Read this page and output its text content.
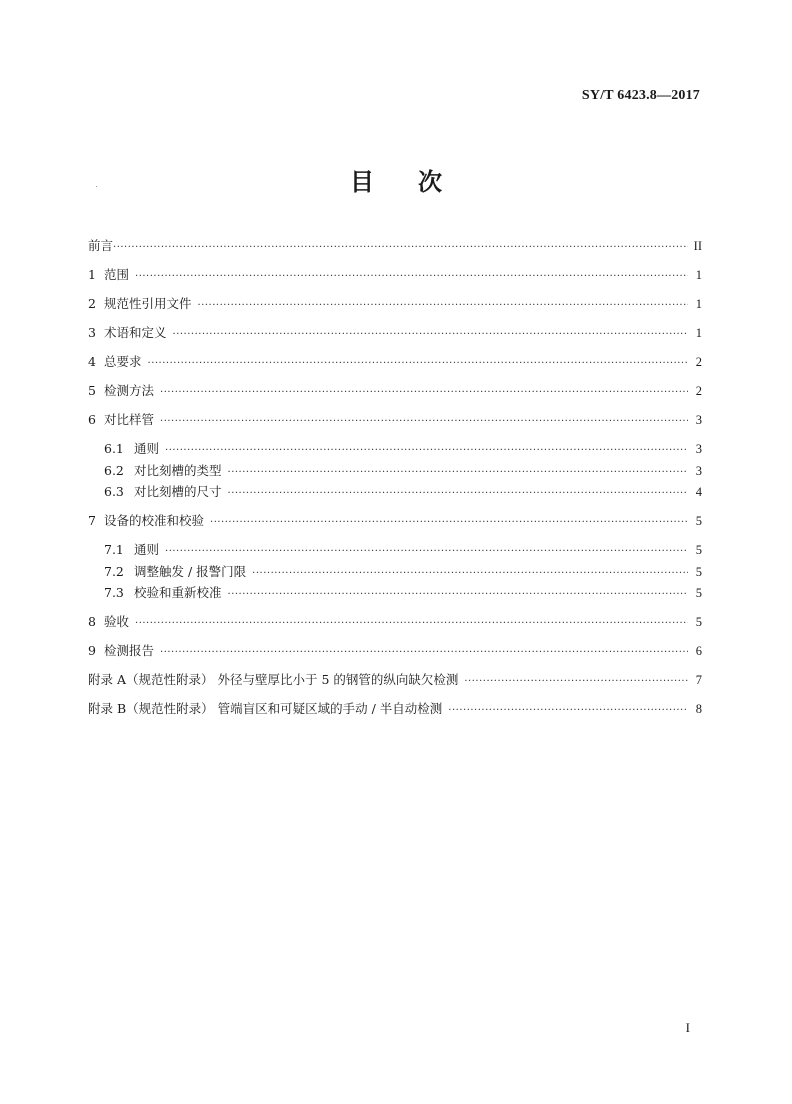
SY/T 6423.8—2017
目 次
前言 ·····	II
1 范围 ·····	1
2 规范性引用文件 ·····	1
3 术语和定义 ·····	1
4 总要求 ·····	2
5 检测方法 ·····	2
6 对比样管 ·····	3
6.1 通则 ·····	3
6.2 对比刻槽的类型 ·····	3
6.3 对比刻槽的尺寸 ·····	4
7 设备的校准和校验 ·····	5
7.1 通则 ·····	5
7.2 调整触发 / 报警门限 ·····	5
7.3 校验和重新校准 ·····	5
8 验收 ·····	5
9 检测报告 ·····	6
附录 A（规范性附录） 外径与壁厚比小于 5 的钢管的纵向缺欠检测 ·····	7
附录 B（规范性附录） 管端盲区和可疑区域的手动 / 半自动检测 ·····	8
I
